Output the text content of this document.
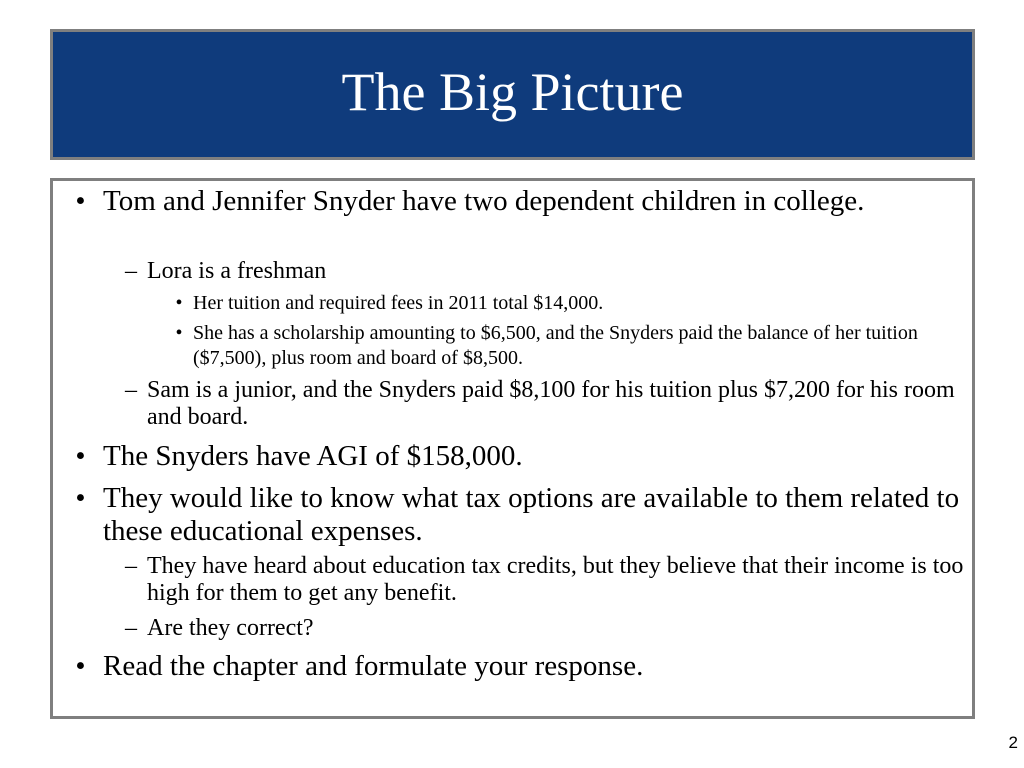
The Big Picture
• Tom and Jennifer Snyder have two dependent children in college.
– Lora is a freshman
• Her tuition and required fees in 2011 total $14,000.
• She has a scholarship amounting to $6,500, and the Snyders paid the balance of her tuition ($7,500), plus room and board of $8,500.
– Sam is a junior, and the Snyders paid $8,100 for his tuition plus $7,200 for his room and board.
• The Snyders have AGI of $158,000.
• They would like to know what tax options are available to them related to these educational expenses.
– They have heard about education tax credits, but they believe that their income is too high for them to get any benefit.
– Are they correct?
• Read the chapter and formulate your response.
2
